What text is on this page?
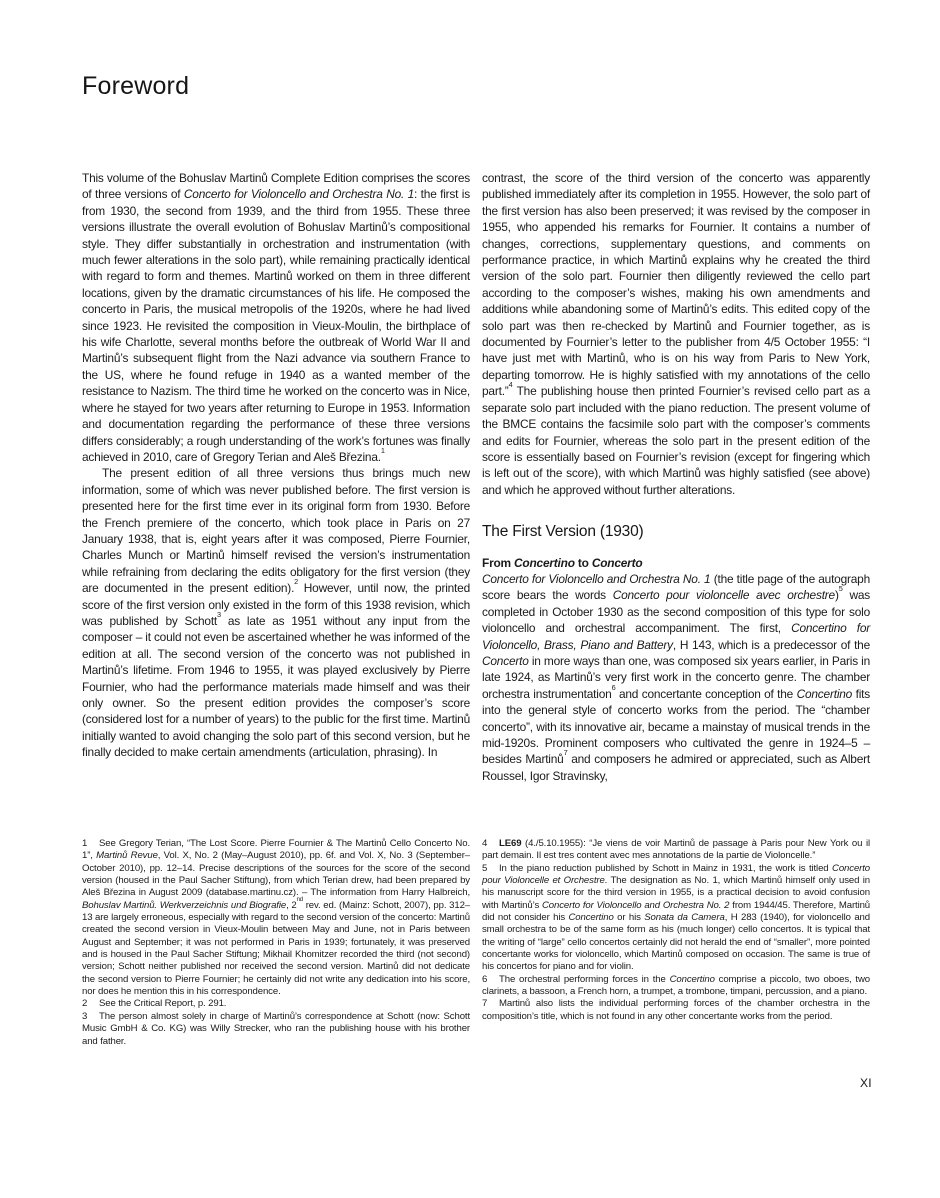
Foreword

This volume of the Bohuslav Martinů Complete Edition comprises the scores of three versions of Concerto for Violoncello and Orchestra No. 1: the first is from 1930, the second from 1939, and the third from 1955. These three versions illustrate the overall evolution of Bohuslav Martinů’s compositional style. They differ substantially in orchestration and instrumentation (with much fewer alterations in the solo part), while remaining practically identical with regard to form and themes. Martinů worked on them in three different locations, given by the dramatic circumstances of his life. He composed the concerto in Paris, the musical metropolis of the 1920s, where he had lived since 1923. He revisited the composition in Vieux-Moulin, the birthplace of his wife Charlotte, several months before the outbreak of World War II and Martinů’s subsequent flight from the Nazi advance via southern France to the US, where he found refuge in 1940 as a wanted member of the resistance to Nazism. The third time he worked on the concerto was in Nice, where he stayed for two years after returning to Europe in 1953. Information and documentation regarding the performance of these three versions differs considerably; a rough understanding of the work’s fortunes was finally achieved in 2010, care of Gregory Terian and Aleš Březina.$^1$

The present edition of all three versions thus brings much new information, some of which was never published before. The first version is presented here for the first time ever in its original form from 1930. Before the French premiere of the concerto, which took place in Paris on 27 January 1938, that is, eight years after it was composed, Pierre Fournier, Charles Munch or Martinů himself revised the version’s instrumentation while refraining from declaring the edits obligatory for the first version (they are documented in the present edition).$^2$ However, until now, the printed score of the first version only existed in the form of this 1938 revision, which was published by Schott$^3$ as late as 1951 without any input from the composer – it could not even be ascertained whether he was informed of the edition at all. The second version of the concerto was not published in Martinů’s lifetime. From 1946 to 1955, it was played exclusively by Pierre Fournier, who had the performance materials made himself and was their only owner. So the present edition provides the composer’s score (considered lost for a number of years) to the public for the first time. Martinů initially wanted to avoid changing the solo part of this second version, but he finally decided to make certain amendments (articulation, phrasing). In

contrast, the score of the third version of the concerto was apparently published immediately after its completion in 1955. However, the solo part of the first version has also been preserved; it was revised by the composer in 1955, who appended his remarks for Fournier. It contains a number of changes, corrections, supplementary questions, and comments on performance practice, in which Martinů explains why he created the third version of the solo part. Fournier then diligently reviewed the cello part according to the composer’s wishes, making his own amendments and additions while abandoning some of Martinů’s edits. This edited copy of the solo part was then re-checked by Martinů and Fournier together, as is documented by Fournier’s letter to the publisher from 4/5 October 1955: “I have just met with Martinů, who is on his way from Paris to New York, departing tomorrow. He is highly satisfied with my annotations of the cello part.”$^4$ The publishing house then printed Fournier’s revised cello part as a separate solo part included with the piano reduction. The present volume of the BMCE contains the facsimile solo part with the composer’s comments and edits for Fournier, whereas the solo part in the present edition of the score is essentially based on Fournier’s revision (except for fingering which is left out of the score), with which Martinů was highly satisfied (see above) and which he approved without further alterations.

The First Version (1930)

From Concertino to Concerto

Concerto for Violoncello and Orchestra No. 1 (the title page of the autograph score bears the words Concerto pour violoncelle avec orchestre)$^5$ was completed in October 1930 as the second composition of this type for solo violoncello and orchestral accompaniment. The first, Concertino for Violoncello, Brass, Piano and Battery, H 143, which is a predecessor of the Concerto in more ways than one, was composed six years earlier, in Paris in late 1924, as Martinů’s very first work in the concerto genre. The chamber orchestra instrumentation$^6$ and concertante conception of the Concertino fits into the general style of concerto works from the period. The “chamber concerto”, with its innovative air, became a mainstay of musical trends in the mid-1920s. Prominent composers who cultivated the genre in 1924–5 – besides Martinů$^7$ and composers he admired or appreciated, such as Albert Roussel, Igor Stravinsky,

1 See Gregory Terian, “The Lost Score. Pierre Fournier & The Martinů Cello Concerto No. 1”, Martinů Revue, Vol. X, No. 2 (May–August 2010), pp. 6f. and Vol. X, No. 3 (September–October 2010), pp. 12–14. Precise descriptions of the sources for the score of the second version (housed in the Paul Sacher Stiftung), from which Terian drew, had been prepared by Aleš Březina in August 2009 (database.martinu.cz). – The information from Harry Halbreich, Bohuslav Martinů. Werkverzeichnis und Biografie, 2nd rev. ed. (Mainz: Schott, 2007), pp. 312–13 are largely erroneous, especially with regard to the second version of the concerto: Martinů created the second version in Vieux-Moulin between May and June, not in Paris between August and September; it was not performed in Paris in 1939; fortunately, it was preserved and is housed in the Paul Sacher Stiftung; Mikhail Khomitzer recorded the third (not second) version; Schott neither published nor received the second version. Martinů did not dedicate the second version to Pierre Fournier; he certainly did not write any dedication into his score, nor does he mention this in his correspondence.

2 See the Critical Report, p. 291.

3 The person almost solely in charge of Martinů’s correspondence at Schott (now: Schott Music GmbH & Co. KG) was Willy Strecker, who ran the publishing house with his brother and father.

4 LE69 (4./5.10.1955): “Je viens de voir Martinů de passage à Paris pour New York ou il part demain. Il est tres content avec mes annotations de la partie de Violoncelle.”

5 In the piano reduction published by Schott in Mainz in 1931, the work is titled Concerto pour Violoncelle et Orchestre. The designation as No. 1, which Martinů himself only used in his manuscript score for the third version in 1955, is a practical decision to avoid confusion with Martinů’s Concerto for Violoncello and Orchestra No. 2 from 1944/45. Therefore, Martinů did not consider his Concertino or his Sonata da Camera, H 283 (1940), for violoncello and small orchestra to be of the same form as his (much longer) cello concertos. It is typical that the writing of “large” cello concertos certainly did not herald the end of “smaller”, more pointed concertante works for violoncello, which Martinů composed on occasion. The same is true of his concertos for piano and for violin.

6 The orchestral performing forces in the Concertino comprise a piccolo, two oboes, two clarinets, a bassoon, a French horn, a trumpet, a trombone, timpani, percussion, and a piano.

7 Martinů also lists the individual performing forces of the chamber orchestra in the composition’s title, which is not found in any other concertante works from the period.

XI
